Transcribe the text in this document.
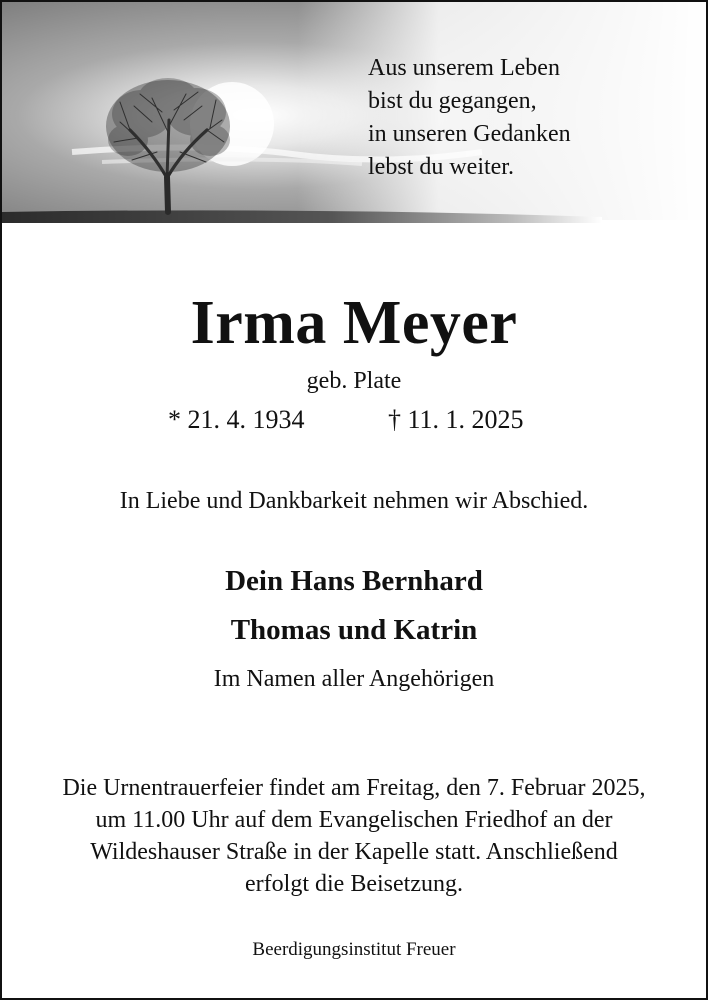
Aus unserem Leben
bist du gegangen,
in unseren Gedanken
lebst du weiter.
Irma Meyer
geb. Plate
* 21. 4. 1934	† 11. 1. 2025
In Liebe und Dankbarkeit nehmen wir Abschied.
Dein Hans Bernhard
Thomas und Katrin
Im Namen aller Angehörigen
Die Urnentrauerfeier findet am Freitag, den 7. Februar 2025,
um 11.00 Uhr auf dem Evangelischen Friedhof an der
Wildeshauser Straße in der Kapelle statt. Anschließend
erfolgt die Beisetzung.
Beerdigungsinstitut Freuer
